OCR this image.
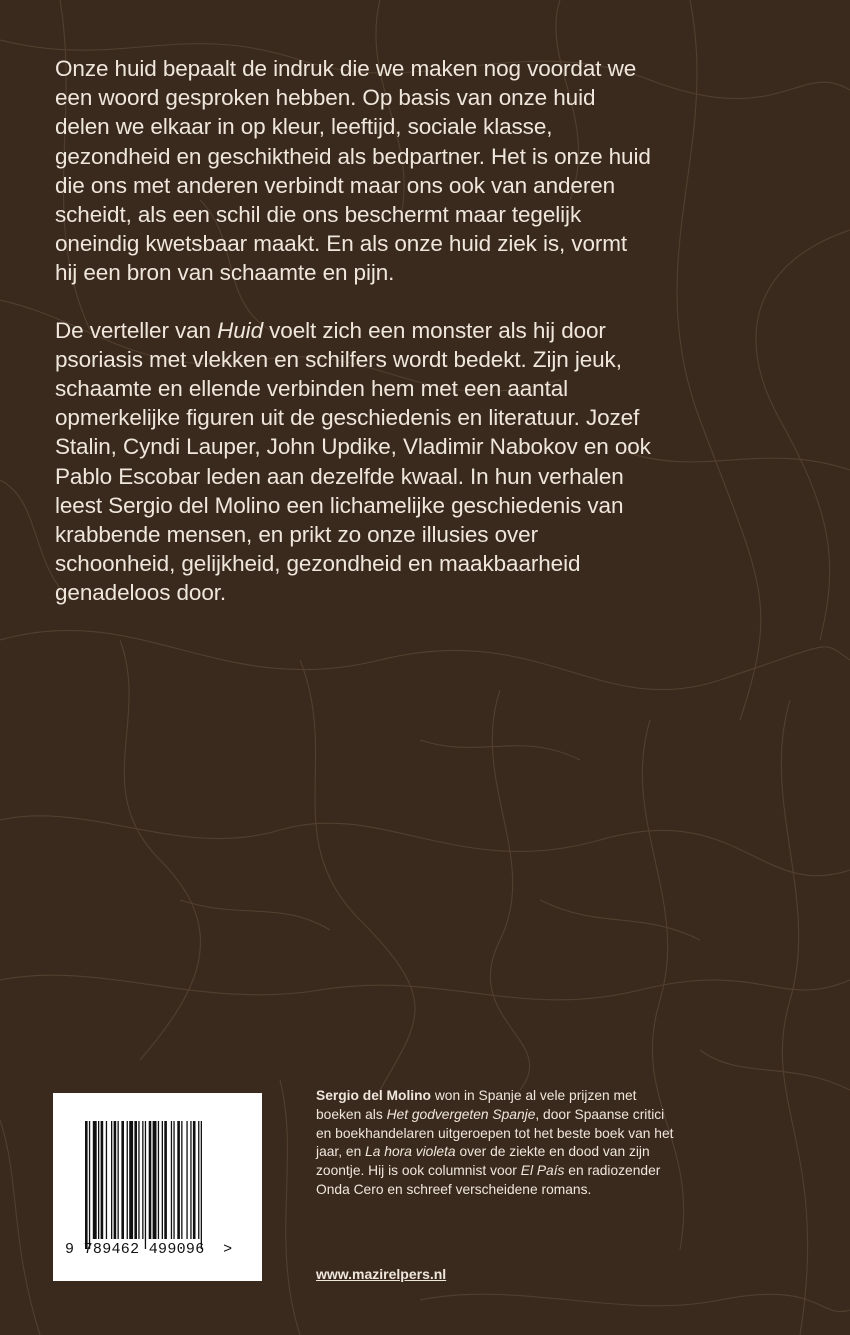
Onze huid bepaalt de indruk die we maken nog voordat we een woord gesproken hebben. Op basis van onze huid delen we elkaar in op kleur, leeftijd, sociale klasse, gezondheid en geschiktheid als bedpartner. Het is onze huid die ons met anderen verbindt maar ons ook van anderen scheidt, als een schil die ons beschermt maar tegelijk oneindig kwetsbaar maakt. En als onze huid ziek is, vormt hij een bron van schaamte en pijn.

De verteller van Huid voelt zich een monster als hij door psoriasis met vlekken en schilfers wordt bedekt. Zijn jeuk, schaamte en ellende verbinden hem met een aantal opmerkelijke figuren uit de geschiedenis en literatuur. Jozef Stalin, Cyndi Lauper, John Updike, Vladimir Nabokov en ook Pablo Escobar leden aan dezelfde kwaal. In hun verhalen leest Sergio del Molino een lichamelijke geschiedenis van krabbende mensen, en prikt zo onze illusies over schoonheid, gelijkheid, gezondheid en maakbaarheid genadeloos door.

9 789462 499096  >
Sergio del Molino won in Spanje al vele prijzen met boeken als Het godvergeten Spanje, door Spaanse critici en boekhandelaren uitgeroepen tot het beste boek van het jaar, en La hora violeta over de ziekte en dood van zijn zoontje. Hij is ook columnist voor El País en radiozender Onda Cero en schreef verscheidene romans.
www.mazirelpers.nl
